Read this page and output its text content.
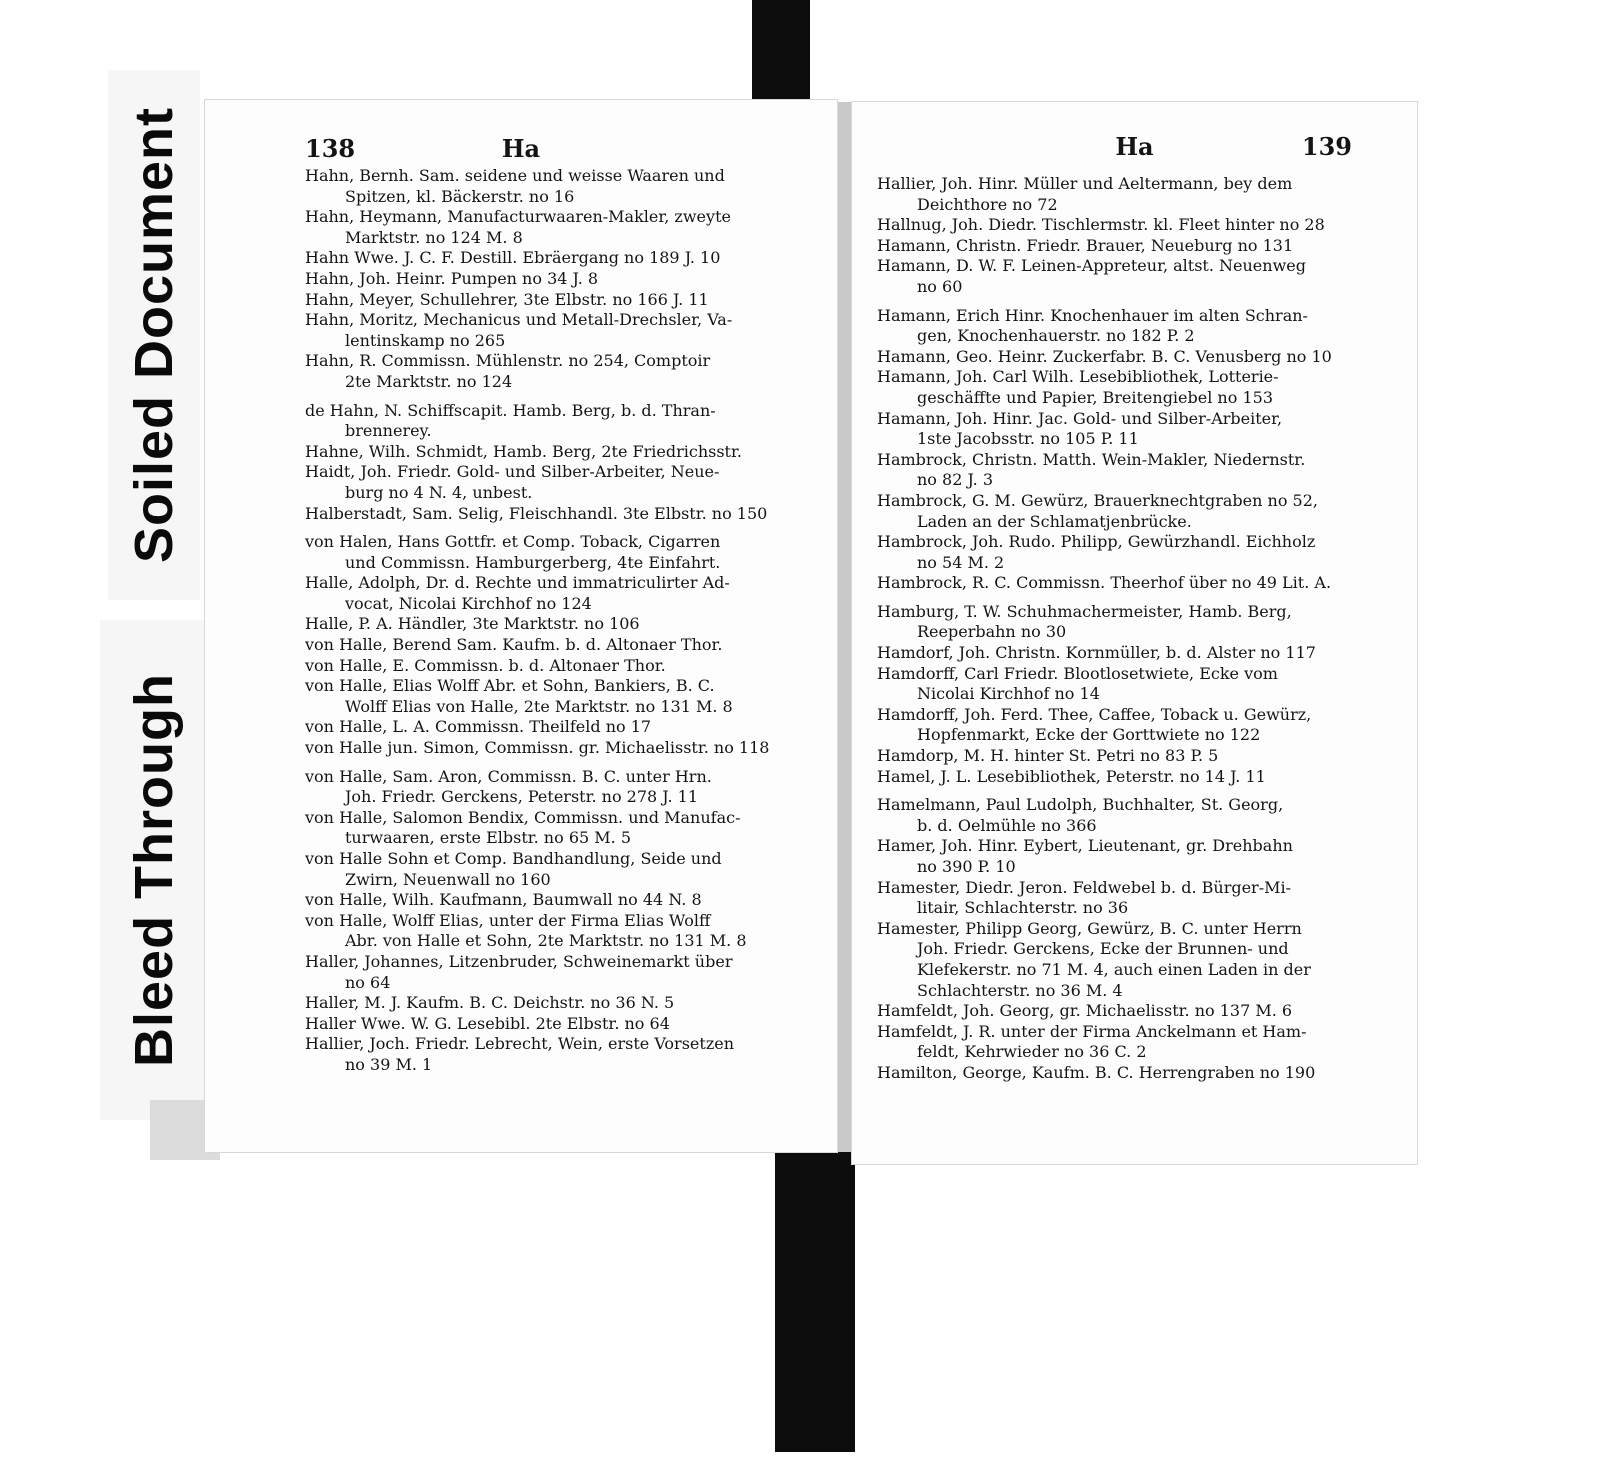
Soiled Document
Bleed Through
138	Ha
Hahn, Bernh. Sam. seidene und weisse Waaren und
Spitzen, kl. Bäckerstr. no 16
Hahn, Heymann, Manufacturwaaren-Makler, zweyte
Marktstr. no 124 M. 8
Hahn Wwe. J. C. F. Destill. Ebräergang no 189 J. 10
Hahn, Joh. Heinr. Pumpen no 34 J. 8
Hahn, Meyer, Schullehrer, 3te Elbstr. no 166 J. 11
Hahn, Moritz, Mechanicus und Metall-Drechsler, Va-
lentinskamp no 265
Hahn, R. Commissn. Mühlenstr. no 254, Comptoir
2te Marktstr. no 124
de Hahn, N. Schiffscapit. Hamb. Berg, b. d. Thran-
brennerey.
Hahne, Wilh. Schmidt, Hamb. Berg, 2te Friedrichsstr.
Haidt, Joh. Friedr. Gold- und Silber-Arbeiter, Neue-
burg no 4 N. 4, unbest.
Halberstadt, Sam. Selig, Fleischhandl. 3te Elbstr. no 150
von Halen, Hans Gottfr. et Comp. Toback, Cigarren
und Commissn. Hamburgerberg, 4te Einfahrt.
Halle, Adolph, Dr. d. Rechte und immatriculirter Ad-
vocat, Nicolai Kirchhof no 124
Halle, P. A. Händler, 3te Marktstr. no 106
von Halle, Berend Sam. Kaufm. b. d. Altonaer Thor.
von Halle, E. Commissn. b. d. Altonaer Thor.
von Halle, Elias Wolff Abr. et Sohn, Bankiers, B. C.
Wolff Elias von Halle, 2te Marktstr. no 131 M. 8
von Halle, L. A. Commissn. Theilfeld no 17
von Halle jun. Simon, Commissn. gr. Michaelisstr. no 118
von Halle, Sam. Aron, Commissn. B. C. unter Hrn.
Joh. Friedr. Gerckens, Peterstr. no 278 J. 11
von Halle, Salomon Bendix, Commissn. und Manufac-
turwaaren, erste Elbstr. no 65 M. 5
von Halle Sohn et Comp. Bandhandlung, Seide und
Zwirn, Neuenwall no 160
von Halle, Wilh. Kaufmann, Baumwall no 44 N. 8
von Halle, Wolff Elias, unter der Firma Elias Wolff
Abr. von Halle et Sohn, 2te Marktstr. no 131 M. 8
Haller, Johannes, Litzenbruder, Schweinemarkt über
no 64
Haller, M. J. Kaufm. B. C. Deichstr. no 36 N. 5
Haller Wwe. W. G. Lesebibl. 2te Elbstr. no 64
Hallier, Joch. Friedr. Lebrecht, Wein, erste Vorsetzen
no 39 M. 1
Ha	139
Hallier, Joh. Hinr. Müller und Aeltermann, bey dem
Deichthore no 72
Hallnug, Joh. Diedr. Tischlermstr. kl. Fleet hinter no 28
Hamann, Christn. Friedr. Brauer, Neueburg no 131
Hamann, D. W. F. Leinen-Appreteur, altst. Neuenweg
no 60
Hamann, Erich Hinr. Knochenhauer im alten Schran-
gen, Knochenhauerstr. no 182 P. 2
Hamann, Geo. Heinr. Zuckerfabr. B. C. Venusberg no 10
Hamann, Joh. Carl Wilh. Lesebibliothek, Lotterie-
geschäffte und Papier, Breitengiebel no 153
Hamann, Joh. Hinr. Jac. Gold- und Silber-Arbeiter,
1ste Jacobsstr. no 105 P. 11
Hambrock, Christn. Matth. Wein-Makler, Niedernstr.
no 82 J. 3
Hambrock, G. M. Gewürz, Brauerknechtgraben no 52,
Laden an der Schlamatjenbrücke.
Hambrock, Joh. Rudo. Philipp, Gewürzhandl. Eichholz
no 54 M. 2
Hambrock, R. C. Commissn. Theerhof über no 49 Lit. A.
Hamburg, T. W. Schuhmachermeister, Hamb. Berg,
Reeperbahn no 30
Hamdorf, Joh. Christn. Kornmüller, b. d. Alster no 117
Hamdorff, Carl Friedr. Blootlosetwiete, Ecke vom
Nicolai Kirchhof no 14
Hamdorff, Joh. Ferd. Thee, Caffee, Toback u. Gewürz,
Hopfenmarkt, Ecke der Gorttwiete no 122
Hamdorp, M. H. hinter St. Petri no 83 P. 5
Hamel, J. L. Lesebibliothek, Peterstr. no 14 J. 11
Hamelmann, Paul Ludolph, Buchhalter, St. Georg,
b. d. Oelmühle no 366
Hamer, Joh. Hinr. Eybert, Lieutenant, gr. Drehbahn
no 390 P. 10
Hamester, Diedr. Jeron. Feldwebel b. d. Bürger-Mi-
litair, Schlachterstr. no 36
Hamester, Philipp Georg, Gewürz, B. C. unter Herrn
Joh. Friedr. Gerckens, Ecke der Brunnen- und
Klefekerstr. no 71 M. 4, auch einen Laden in der
Schlachterstr. no 36 M. 4
Hamfeldt, Joh. Georg, gr. Michaelisstr. no 137 M. 6
Hamfeldt, J. R. unter der Firma Anckelmann et Ham-
feldt, Kehrwieder no 36 C. 2
Hamilton, George, Kaufm. B. C. Herrengraben no 190
